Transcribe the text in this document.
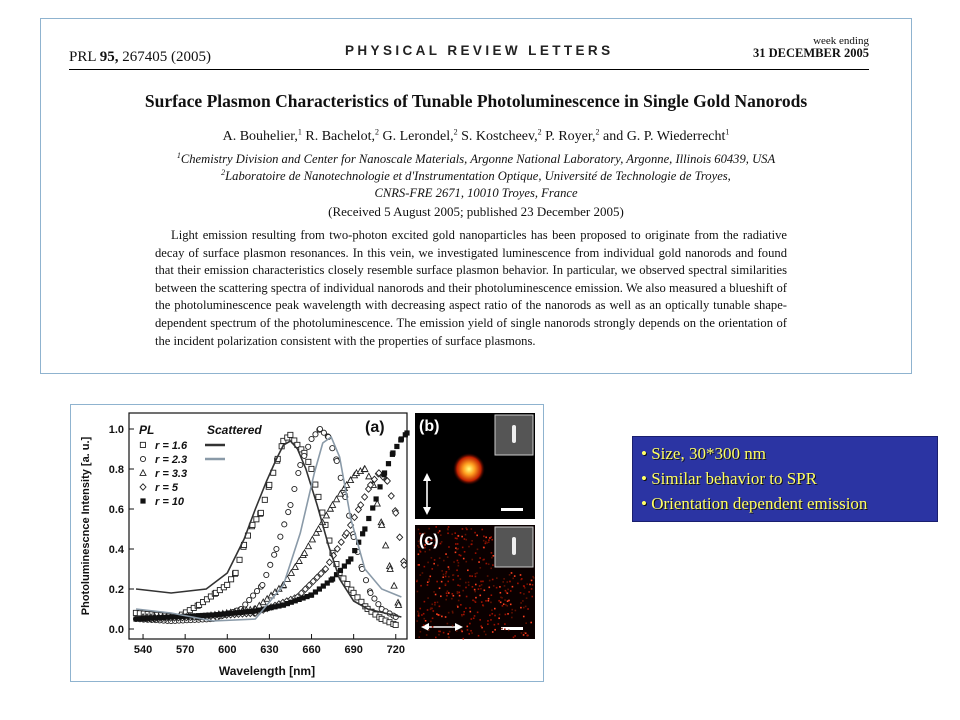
PRL 95, 267405 (2005)	PHYSICAL REVIEW LETTERS
week ending
31 DECEMBER 2005
Surface Plasmon Characteristics of Tunable Photoluminescence in Single Gold Nanorods
A. Bouhelier,$^1$ R. Bachelot,$^2$ G. Lerondel,$^2$ S. Kostcheev,$^2$ P. Royer,$^2$ and G. P. Wiederrecht$^1$
$^1$Chemistry Division and Center for Nanoscale Materials, Argonne National Laboratory, Argonne, Illinois 60439, USA
$^2$Laboratoire de Nanotechnologie et d'Instrumentation Optique, Université de Technologie de Troyes,
CNRS-FRE 2671, 10010 Troyes, France
(Received 5 August 2005; published 23 December 2005)
Light emission resulting from two-photon excited gold nanoparticles has been proposed to originate from the radiative decay of surface plasmon resonances. In this vein, we investigated luminescence from individual gold nanorods and found that their emission characteristics closely resemble surface plasmon behavior. In particular, we observed spectral similarities between the scattering spectra of individual nanorods and their photoluminescence emission. We also measured a blueshift of the photoluminescence peak wavelength with decreasing aspect ratio of the nanorods as well as an optically tunable shape-dependent spectrum of the photoluminescence. The emission yield of single nanorods strongly depends on the orientation of the incident polarization consistent with the properties of surface plasmons.
540 570 600 630 660 690 720
0.0
0.2
0.4
0.6
0.8
1.0
Wavelength [nm]
Photoluminescnce Intensity [a. u.]
PL	Scattered
r = 1.6
r = 2.3
r = 3.3
r = 5
r = 10
(a) (b)
(c)
• Size, 30*300 nm
• Similar behavior to SPR
• Orientation dependent emission
